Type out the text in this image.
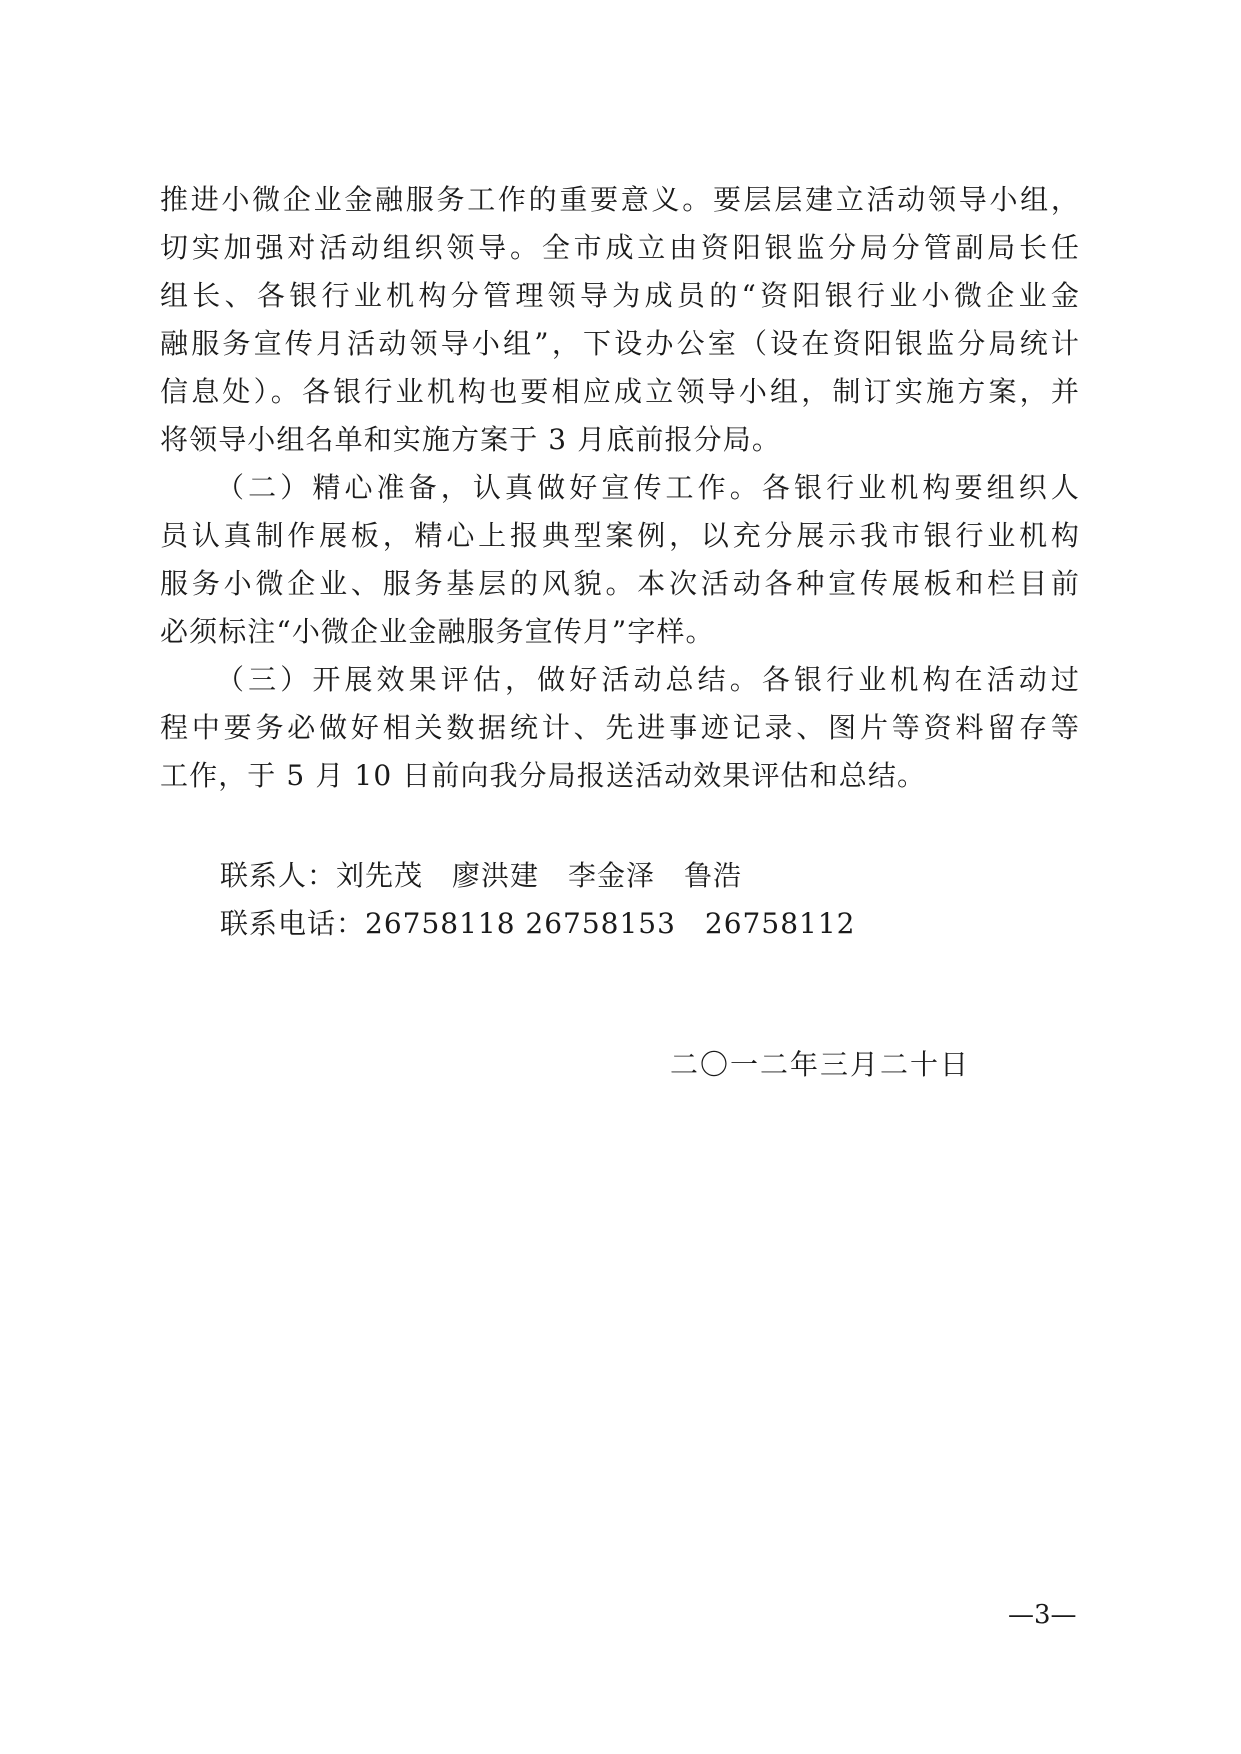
推进小微企业金融服务工作的重要意义。要层层建立活动领导小组，
切实加强对活动组织领导。全市成立由资阳银监分局分管副局长任
组长、各银行业机构分管理领导为成员的“资阳银行业小微企业金
融服务宣传月活动领导小组”，下设办公室（设在资阳银监分局统计
信息处）。各银行业机构也要相应成立领导小组，制订实施方案，并
将领导小组名单和实施方案于 3 月底前报分局。
（二）精心准备，认真做好宣传工作。各银行业机构要组织人
员认真制作展板，精心上报典型案例，以充分展示我市银行业机构
服务小微企业、服务基层的风貌。本次活动各种宣传展板和栏目前
必须标注“小微企业金融服务宣传月”字样。
（三）开展效果评估，做好活动总结。各银行业机构在活动过
程中要务必做好相关数据统计、先进事迹记录、图片等资料留存等
工作，于 5 月 10 日前向我分局报送活动效果评估和总结。
联系人：刘先茂　廖洪建　李金泽　鲁浩
联系电话：26758118 26758153　26758112
二〇一二年三月二十日
—3—
